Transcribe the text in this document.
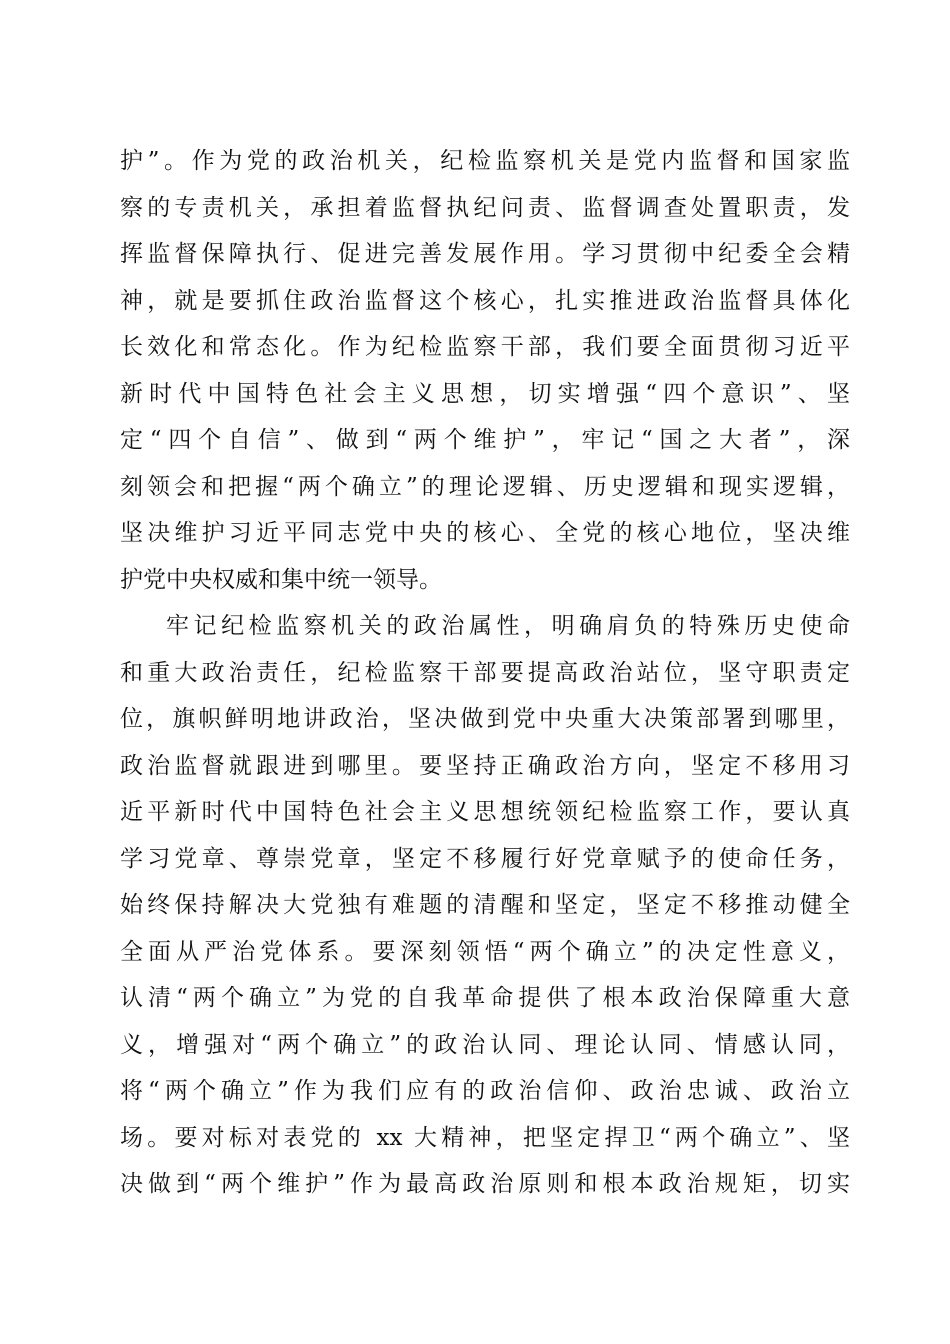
护”。作为党的政治机关，纪检监察机关是党内监督和国家监
察的专责机关，承担着监督执纪问责、监督调查处置职责，发
挥监督保障执行、促进完善发展作用。学习贯彻中纪委全会精
神，就是要抓住政治监督这个核心，扎实推进政治监督具体化
长效化和常态化。作为纪检监察干部，我们要全面贯彻习近平
新时代中国特色社会主义思想，切实增强“四个意识”、坚
定“四个自信”、做到“两个维护”，牢记“国之大者”，深
刻领会和把握“两个确立”的理论逻辑、历史逻辑和现实逻辑，
坚决维护习近平同志党中央的核心、全党的核心地位，坚决维
护党中央权威和集中统一领导。
牢记纪检监察机关的政治属性，明确肩负的特殊历史使命
和重大政治责任，纪检监察干部要提高政治站位，坚守职责定
位，旗帜鲜明地讲政治，坚决做到党中央重大决策部署到哪里，
政治监督就跟进到哪里。要坚持正确政治方向，坚定不移用习
近平新时代中国特色社会主义思想统领纪检监察工作，要认真
学习党章、尊崇党章，坚定不移履行好党章赋予的使命任务，
始终保持解决大党独有难题的清醒和坚定，坚定不移推动健全
全面从严治党体系。要深刻领悟“两个确立”的决定性意义，
认清“两个确立”为党的自我革命提供了根本政治保障重大意
义，增强对“两个确立”的政治认同、理论认同、情感认同，
将“两个确立”作为我们应有的政治信仰、政治忠诚、政治立
场。要对标对表党的 xx 大精神，把坚定捍卫“两个确立”、坚
决做到“两个维护”作为最高政治原则和根本政治规矩，切实
